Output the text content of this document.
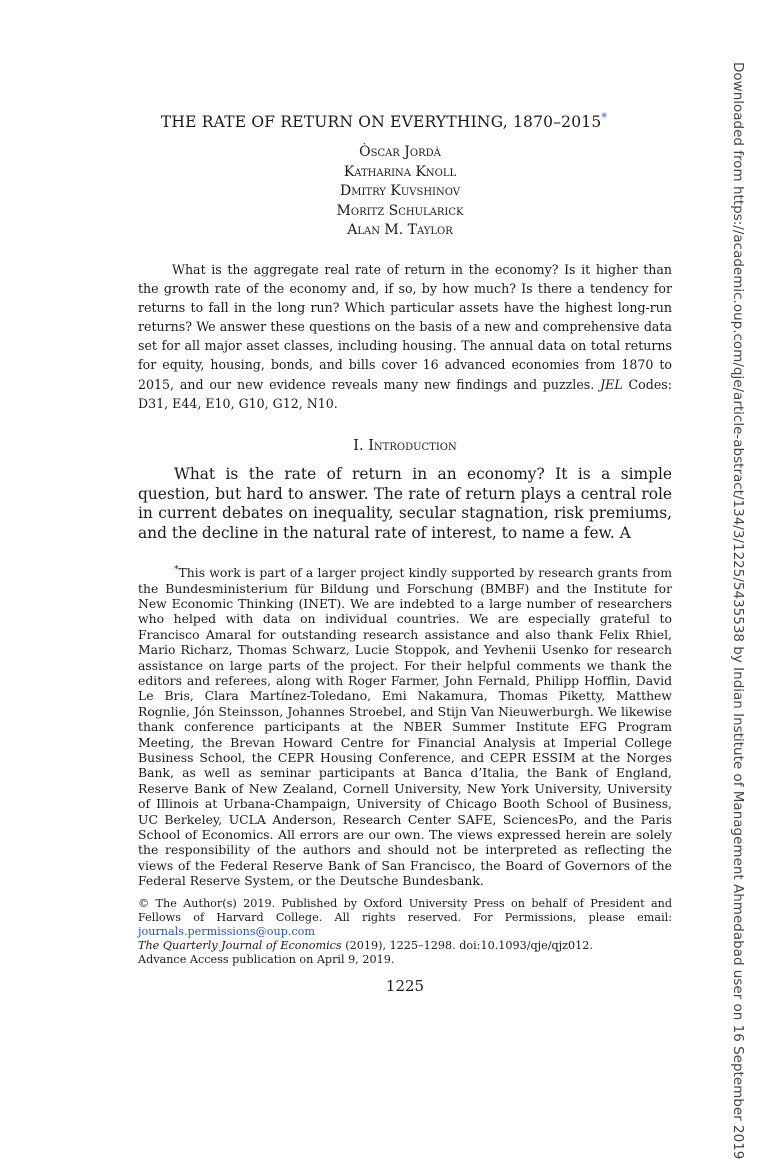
Downloaded from https://academic.oup.com/qje/article-abstract/134/3/1225/5435538 by Indian Institute of Management Ahmedabad user on 16 September 2019
THE RATE OF RETURN ON EVERYTHING, 1870–2015*
Òscar Jordà
Katharina Knoll
Dmitry Kuvshinov
Moritz Schularick
Alan M. Taylor
What is the aggregate real rate of return in the economy? Is it higher than the growth rate of the economy and, if so, by how much? Is there a tendency for returns to fall in the long run? Which particular assets have the highest long-run returns? We answer these questions on the basis of a new and comprehensive data set for all major asset classes, including housing. The annual data on total returns for equity, housing, bonds, and bills cover 16 advanced economies from 1870 to 2015, and our new evidence reveals many new findings and puzzles. JEL Codes: D31, E44, E10, G10, G12, N10.
I. Introduction
What is the rate of return in an economy? It is a simple question, but hard to answer. The rate of return plays a central role in current debates on inequality, secular stagnation, risk premiums, and the decline in the natural rate of interest, to name a few. A
*This work is part of a larger project kindly supported by research grants from the Bundesministerium für Bildung und Forschung (BMBF) and the Institute for New Economic Thinking (INET). We are indebted to a large number of researchers who helped with data on individual countries. We are especially grateful to Francisco Amaral for outstanding research assistance and also thank Felix Rhiel, Mario Richarz, Thomas Schwarz, Lucie Stoppok, and Yevhenii Usenko for research assistance on large parts of the project. For their helpful comments we thank the editors and referees, along with Roger Farmer, John Fernald, Philipp Hofflin, David Le Bris, Clara Martínez-Toledano, Emi Nakamura, Thomas Piketty, Matthew Rognlie, Jón Steinsson, Johannes Stroebel, and Stijn Van Nieuwerburgh. We likewise thank conference participants at the NBER Summer Institute EFG Program Meeting, the Brevan Howard Centre for Financial Analysis at Imperial College Business School, the CEPR Housing Conference, and CEPR ESSIM at the Norges Bank, as well as seminar participants at Banca d’Italia, the Bank of England, Reserve Bank of New Zealand, Cornell University, New York University, University of Illinois at Urbana-Champaign, University of Chicago Booth School of Business, UC Berkeley, UCLA Anderson, Research Center SAFE, SciencesPo, and the Paris School of Economics. All errors are our own. The views expressed herein are solely the responsibility of the authors and should not be interpreted as reflecting the views of the Federal Reserve Bank of San Francisco, the Board of Governors of the Federal Reserve System, or the Deutsche Bundesbank.
© The Author(s) 2019. Published by Oxford University Press on behalf of President and Fellows of Harvard College. All rights reserved. For Permissions, please email: journals.permissions@oup.com
The Quarterly Journal of Economics (2019), 1225–1298. doi:10.1093/qje/qjz012.
Advance Access publication on April 9, 2019.
1225
